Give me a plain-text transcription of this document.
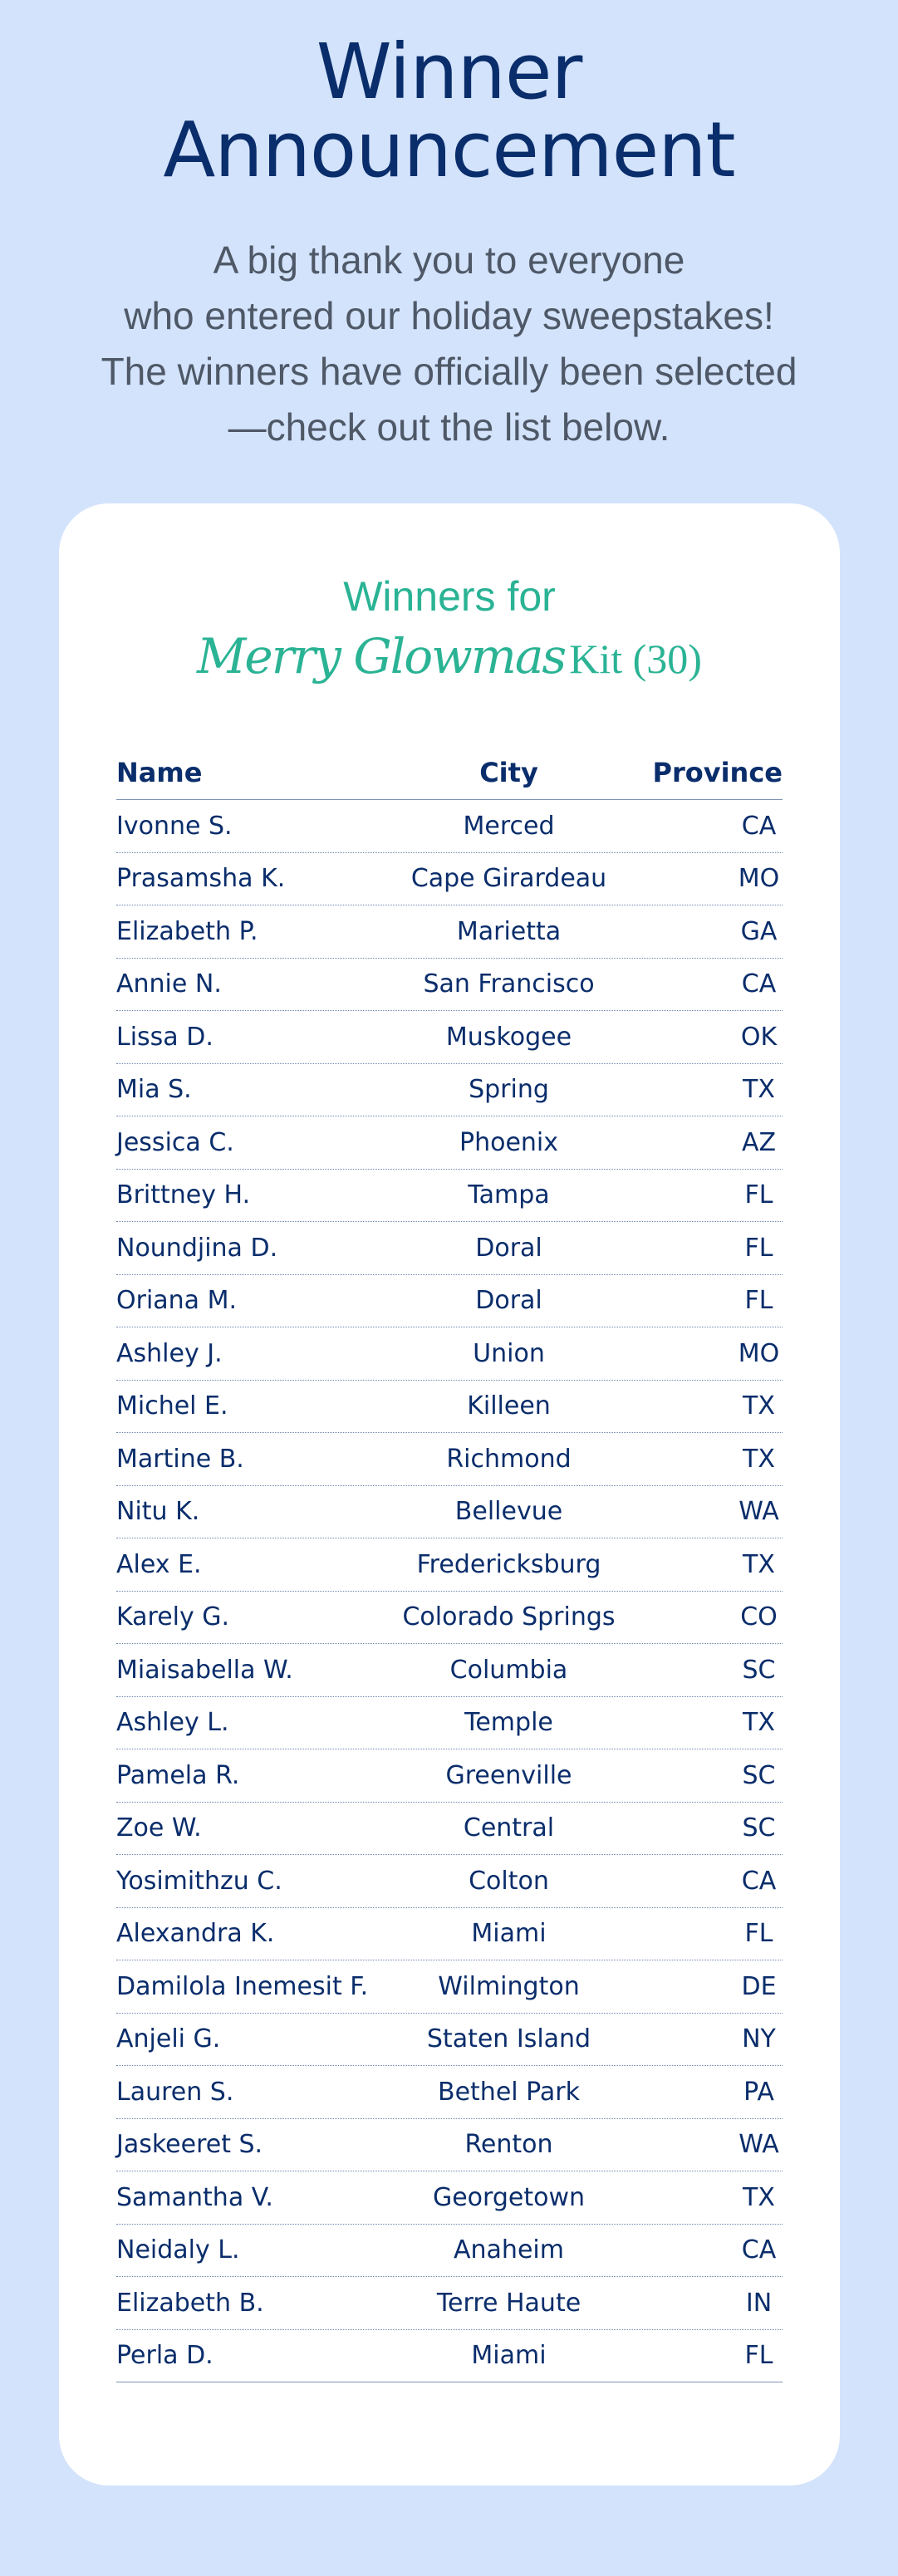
Winner
Announcement

A big thank you to everyone
who entered our holiday sweepstakes!
The winners have officially been selected
—check out the list below.

Winners for
Merry Glowmas Kit (30)
Name	City	Province
Ivonne S.	Merced	CA
Prasamsha K.	Cape Girardeau	MO
Elizabeth P.	Marietta	GA
Annie N.	San Francisco	CA
Lissa D.	Muskogee	OK
Mia S.	Spring	TX
Jessica C.	Phoenix	AZ
Brittney H.	Tampa	FL
Noundjina D.	Doral	FL
Oriana M.	Doral	FL
Ashley J.	Union	MO
Michel E.	Killeen	TX
Martine B.	Richmond	TX
Nitu K.	Bellevue	WA
Alex E.	Fredericksburg	TX
Karely G.	Colorado Springs	CO
Miaisabella W.	Columbia	SC
Ashley L.	Temple	TX
Pamela R.	Greenville	SC
Zoe W.	Central	SC
Yosimithzu C.	Colton	CA
Alexandra K.	Miami	FL
Damilola Inemesit F.	Wilmington	DE
Anjeli G.	Staten Island	NY
Lauren S.	Bethel Park	PA
Jaskeeret S.	Renton	WA
Samantha V.	Georgetown	TX
Neidaly L.	Anaheim	CA
Elizabeth B.	Terre Haute	IN
Perla D.	Miami	FL
